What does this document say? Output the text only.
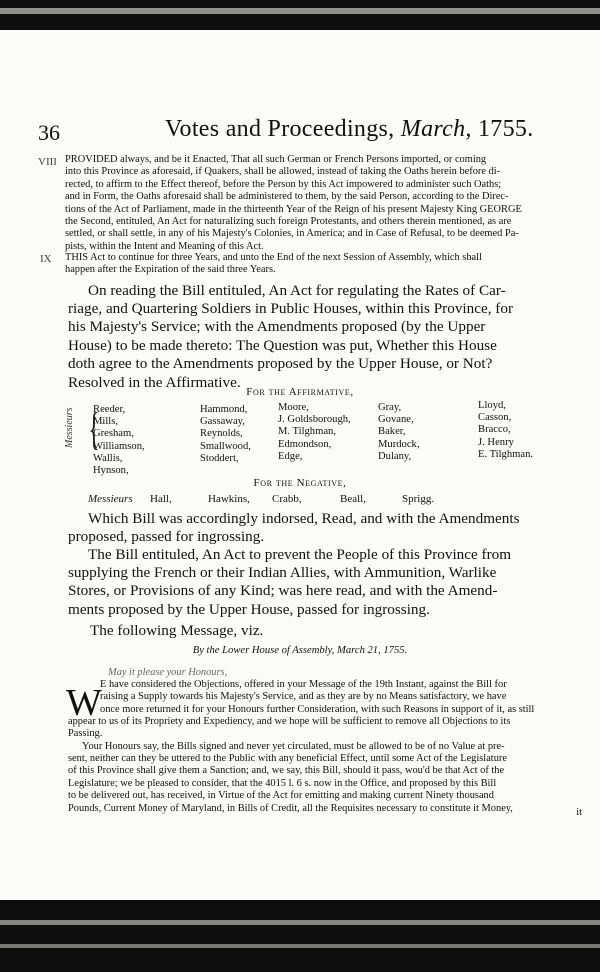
36	Votes and Proceedings, March, 1755.
VIII PROVIDED always, and be it Enacted, That all such German or French Persons imported, or coming
into this Province as aforesaid, if Quakers, shall be allowed, instead of taking the Oaths herein before di-
rected, to affirm to the Effect thereof, before the Person by this Act impowered to administer such Oaths;
and in Form, the Oaths aforesaid shall be administered to them, by the said Person, according to the Direc-
tions of the Act of Parliament, made in the thirteenth Year of the Reign of his present Majesty King GEORGE
the Second, entituled, An Act for naturalizing such foreign Protestants, and others therein mentioned, as are
settled, or shall settle, in any of his Majesty's Colonies, in America; and in Case of Refusal, to be deemed Pa-
pists, within the Intent and Meaning of this Act.
IX THIS Act to continue for three Years, and unto the End of the next Session of Assembly, which shall
happen after the Expiration of the said three Years.
On reading the Bill entituled, An Act for regulating the Rates of Car-
riage, and Quartering Soldiers in Public Houses, within this Province, for
his Majesty's Service; with the Amendments proposed (by the Upper
House) to be made thereto: The Question was put, Whether this House
doth agree to the Amendments proposed by the Upper House, or Not?
Resolved in the Affirmative.
For the Affirmative,
Messieurs {
Reeder,
Mills,
Gresham,
Williamson,
Wallis,
Hynson,
Hammond,
Gassaway,
Reynolds,
Smallwood,
Stoddert,
Moore,
J. Goldsborough,
M. Tilghman,
Edmondson,
Edge,
Gray,
Govane,
Baker,
Murdock,
Dulany,
Lloyd,
Casson,
Bracco,
J. Henry
E. Tilghman.
For the Negative,
Messieurs Hall,	Hawkins, Crabb,	Beall,	Sprigg.
Which Bill was accordingly indorsed, Read, and with the Amendments
proposed, passed for ingrossing.
The Bill entituled, An Act to prevent the People of this Province from
supplying the French or their Indian Allies, with Ammunition, Warlike
Stores, or Provisions of any Kind; was here read, and with the Amend-
ments proposed by the Upper House, passed for ingrossing.
The following Message, viz.
By the Lower House of Assembly, March 21, 1755.
May it please your Honours,
W
E have considered the Objections, offered in your Message of the 19th Instant, against the Bill for
raising a Supply towards his Majesty's Service, and as they are by no Means satisfactory, we have
once more returned it for your Honours further Consideration, with such Reasons in support of it, as still
appear to us of its Propriety and Expediency, and we hope will be sufficient to remove all Objections to its
Passing.
Your Honours say, the Bills signed and never yet circulated, must be allowed to be of no Value at pre-
sent, neither can they be uttered to the Public with any beneficial Effect, until some Act of the Legislature
of this Province shall give them a Sanction; and, we say, this Bill, should it pass, wou'd be that Act of the
Legislature; we be pleased to consider, that the 4015 l. 6 s. now in the Office, and proposed by this Bill
to be delivered out, has received, in Virtue of the Act for emitting and making current Ninety thousand
Pounds, Current Money of Maryland, in Bills of Credit, all the Requisites necessary to constitute it Money,	it
